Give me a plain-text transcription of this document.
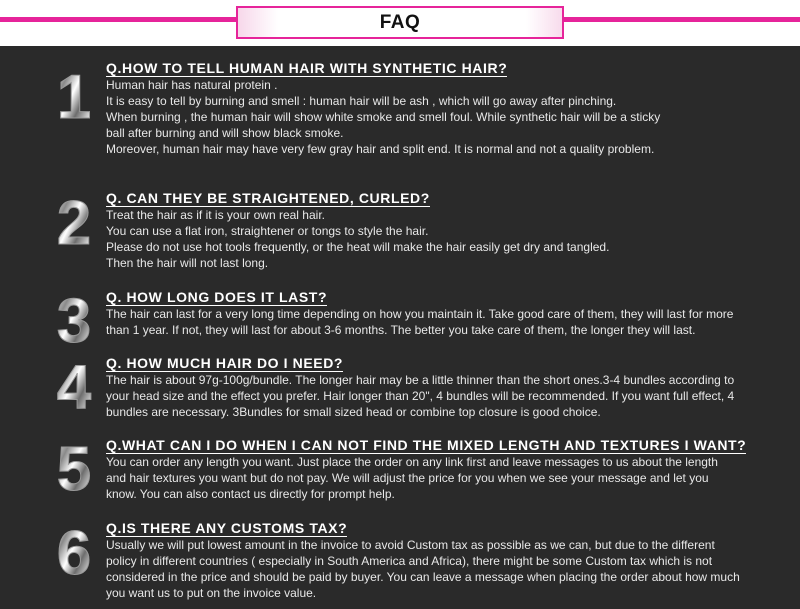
FAQ
1 Q.HOW TO TELL HUMAN HAIR WITH SYNTHETIC HAIR?
Human hair has natural protein .
It is easy to tell by burning and smell : human hair will be ash , which will go away after pinching.
When burning , the human hair will show white smoke and smell foul. While synthetic hair will be a sticky
ball after burning and will show black smoke.
Moreover, human hair may have very few gray hair and split end. It is normal and not a quality problem.
2 Q. CAN THEY BE STRAIGHTENED, CURLED?
Treat the hair as if it is your own real hair.
You can use a flat iron, straightener or tongs to style the hair.
Please do not use hot tools frequently, or the heat will make the hair easily get dry and tangled.
Then the hair will not last long.
3 Q. HOW LONG DOES IT LAST?
The hair can last for a very long time depending on how you maintain it. Take good care of them, they will last for more
than 1 year. If not, they will last for about 3-6 months. The better you take care of them, the longer they will last.
4 Q. HOW MUCH HAIR DO I NEED?
The hair is about 97g-100g/bundle. The longer hair may be a little thinner than the short ones.3-4 bundles according to
your head size and the effect you prefer. Hair longer than 20", 4 bundles will be recommended. If you want full effect, 4
bundles are necessary. 3Bundles for small sized head or combine top closure is good choice.
5 Q.WHAT CAN I DO WHEN I CAN NOT FIND THE MIXED LENGTH AND TEXTURES I WANT?
You can order any length you want. Just place the order on any link first and leave messages to us about the length
and hair textures you want but do not pay. We will adjust the price for you when we see your message and let you
know. You can also contact us directly for prompt help.
6 Q.IS THERE ANY CUSTOMS TAX?
Usually we will put lowest amount in the invoice to avoid Custom tax as possible as we can, but due to the different
policy in different countries ( especially in South America and Africa), there might be some Custom tax which is not
considered in the price and should be paid by buyer. You can leave a message when placing the order about how much
you want us to put on the invoice value.
